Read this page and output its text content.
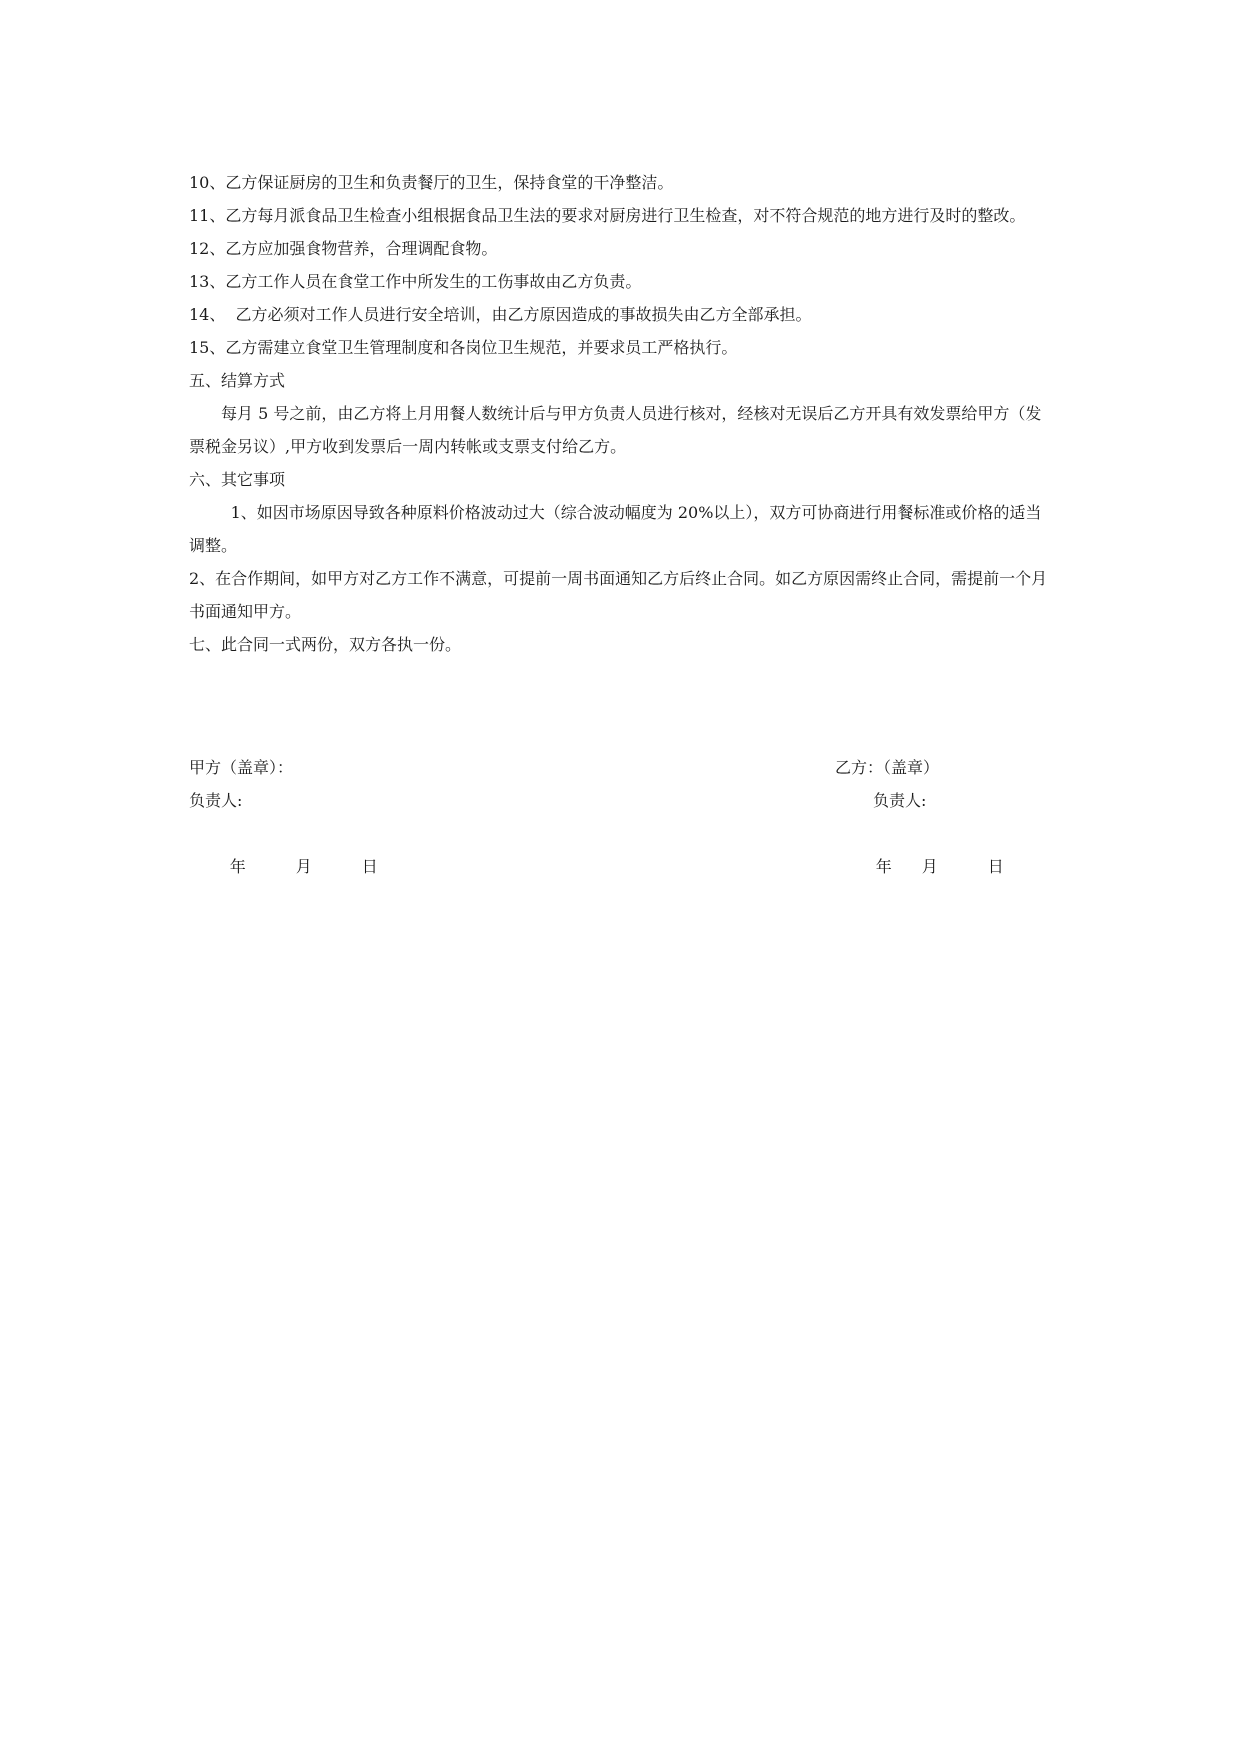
10、乙方保证厨房的卫生和负责餐厅的卫生，保持食堂的干净整洁。

11、乙方每月派食品卫生检查小组根据食品卫生法的要求对厨房进行卫生检查，对不符合规范的地方进行及时的整改。

12、乙方应加强食物营养，合理调配食物。

13、乙方工作人员在食堂工作中所发生的工伤事故由乙方负责。

14、  乙方必须对工作人员进行安全培训，由乙方原因造成的事故损失由乙方全部承担。

15、乙方需建立食堂卫生管理制度和各岗位卫生规范，并要求员工严格执行。

五、结算方式

每月 5 号之前，由乙方将上月用餐人数统计后与甲方负责人员进行核对，经核对无误后乙方开具有效发票给甲方（发票税金另议）,甲方收到发票后一周内转帐或支票支付给乙方。

六、其它事项

1、如因市场原因导致各种原料价格波动过大（综合波动幅度为 20%以上），双方可协商进行用餐标准或价格的适当调整。

2、在合作期间，如甲方对乙方工作不满意，可提前一周书面通知乙方后终止合同。如乙方原因需终止合同，需提前一个月书面通知甲方。

七、此合同一式两份，双方各执一份。

甲方（盖章）：

负责人:

年	月	日

乙方：（盖章）

负责人:

年 月	日
